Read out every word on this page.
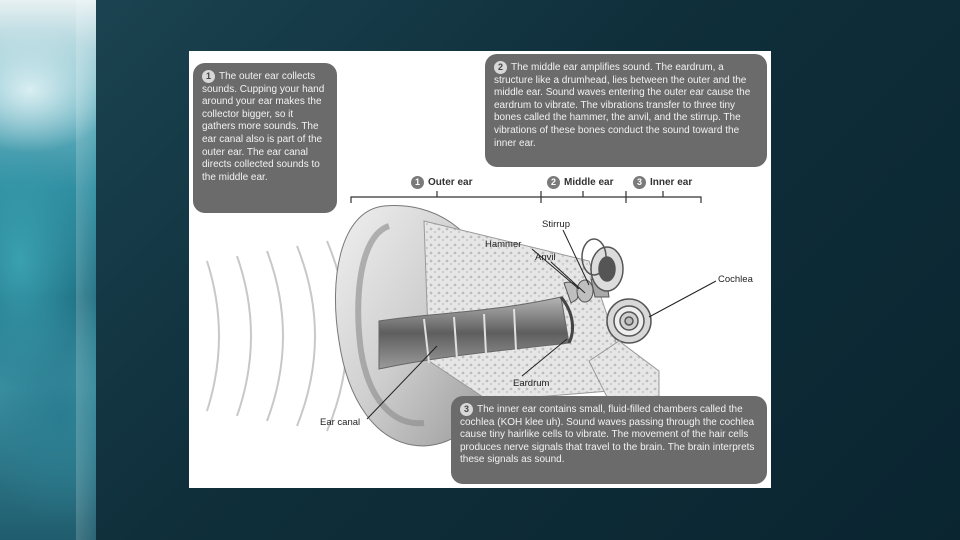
1 The outer ear collects sounds. Cupping your hand around your ear makes the collector bigger, so it gathers more sounds. The ear canal also is part of the outer ear. The ear canal directs collected sounds to the middle ear.
2 The middle ear amplifies sound. The eardrum, a structure like a drumhead, lies between the outer and the middle ear. Sound waves entering the outer ear cause the eardrum to vibrate. The vibrations transfer to three tiny bones called the hammer, the anvil, and the stirrup. The vibrations of these bones conduct the sound toward the inner ear.
3 The inner ear contains small, fluid-filled chambers called the cochlea (KOH klee uh). Sound waves passing through the cochlea cause tiny hairlike cells to vibrate. The movement of the hair cells produces nerve signals that travel to the brain. The brain interprets these signals as sound.
1 Outer ear	2 Middle ear	3 Inner ear
Stirrup
Hammer
Anvil
Cochlea
Eardrum
Ear canal
